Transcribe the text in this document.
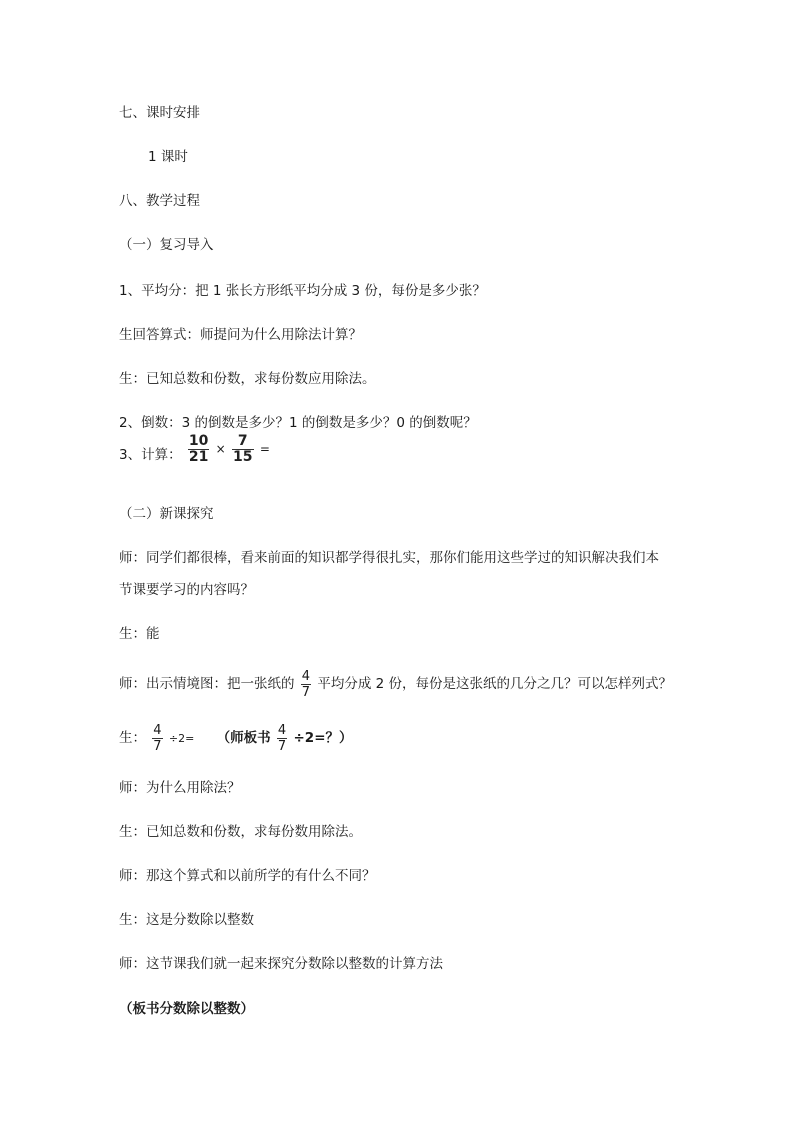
七、课时安排
1 课时
八、教学过程
（一）复习导入
1、平均分：把 1 张长方形纸平均分成 3 份，每份是多少张？
生回答算式：师提问为什么用除法计算？
生：已知总数和份数，求每份数应用除法。
2、倒数：3 的倒数是多少？1 的倒数是多少？0 的倒数呢？
3、计算： $\frac{10}{21} \times \frac{7}{15}$ =
（二）新课探究
师：同学们都很棒，看来前面的知识都学得很扎实，那你们能用这些学过的知识解决我们本
节课要学习的内容吗？
生：能
师：出示情境图：把一张纸的 $\frac{4}{7}$ 平均分成 2 份，每份是这张纸的几分之几？可以怎样列式？
生： $\frac{4}{7} \div 2=$ （师板书 $\frac{4}{7} \div 2=$？）
师：为什么用除法？
生：已知总数和份数，求每份数用除法。
师：那这个算式和以前所学的有什么不同？
生：这是分数除以整数
师：这节课我们就一起来探究分数除以整数的计算方法
（板书分数除以整数）
